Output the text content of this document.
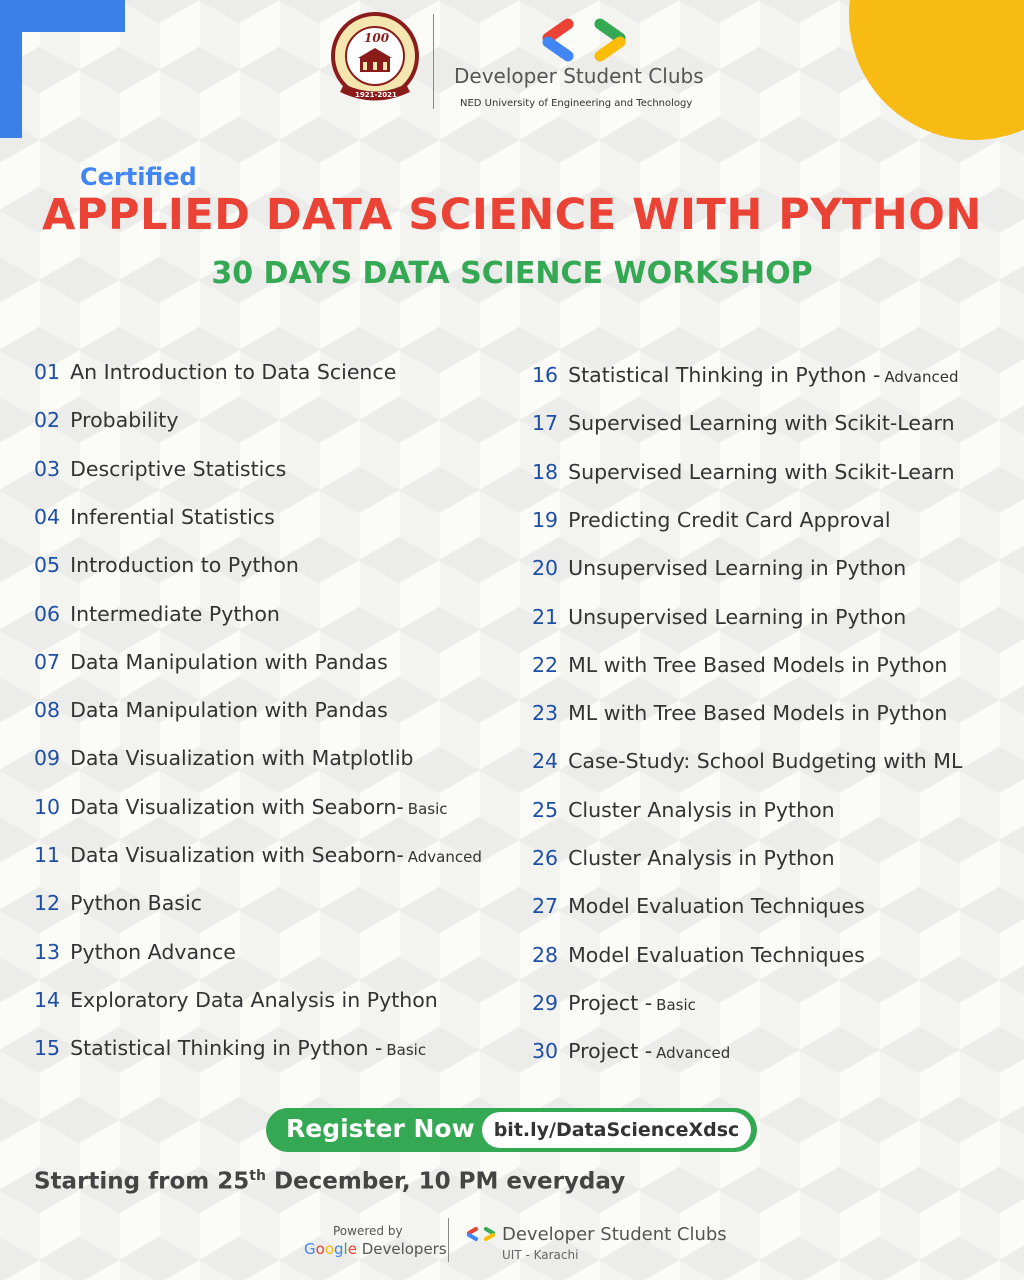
100
1921-2021
Developer Student Clubs
NED University of Engineering and Technology
Certified
APPLIED DATA SCIENCE WITH PYTHON
30 DAYS DATA SCIENCE WORKSHOP
01 An Introduction to Data Science
02 Probability
03 Descriptive Statistics
04 Inferential Statistics
05 Introduction to Python
06 Intermediate Python
07 Data Manipulation with Pandas
08 Data Manipulation with Pandas
09 Data Visualization with Matplotlib
10 Data Visualization with Seaborn- Basic
11 Data Visualization with Seaborn- Advanced
12 Python Basic
13 Python Advance
14 Exploratory Data Analysis in Python
15 Statistical Thinking in Python - Basic
16 Statistical Thinking in Python - Advanced
17 Supervised Learning with Scikit-Learn
18 Supervised Learning with Scikit-Learn
19 Predicting Credit Card Approval
20 Unsupervised Learning in Python
21 Unsupervised Learning in Python
22 ML with Tree Based Models in Python
23 ML with Tree Based Models in Python
24 Case-Study: School Budgeting with ML
25 Cluster Analysis in Python
26 Cluster Analysis in Python
27 Model Evaluation Techniques
28 Model Evaluation Techniques
29 Project - Basic
30 Project - Advanced
Register Now	bit.ly/DataScienceXdsc
Starting from 25th December, 10 PM everyday
Powered by
Google Developers
Developer Student Clubs
UIT - Karachi
